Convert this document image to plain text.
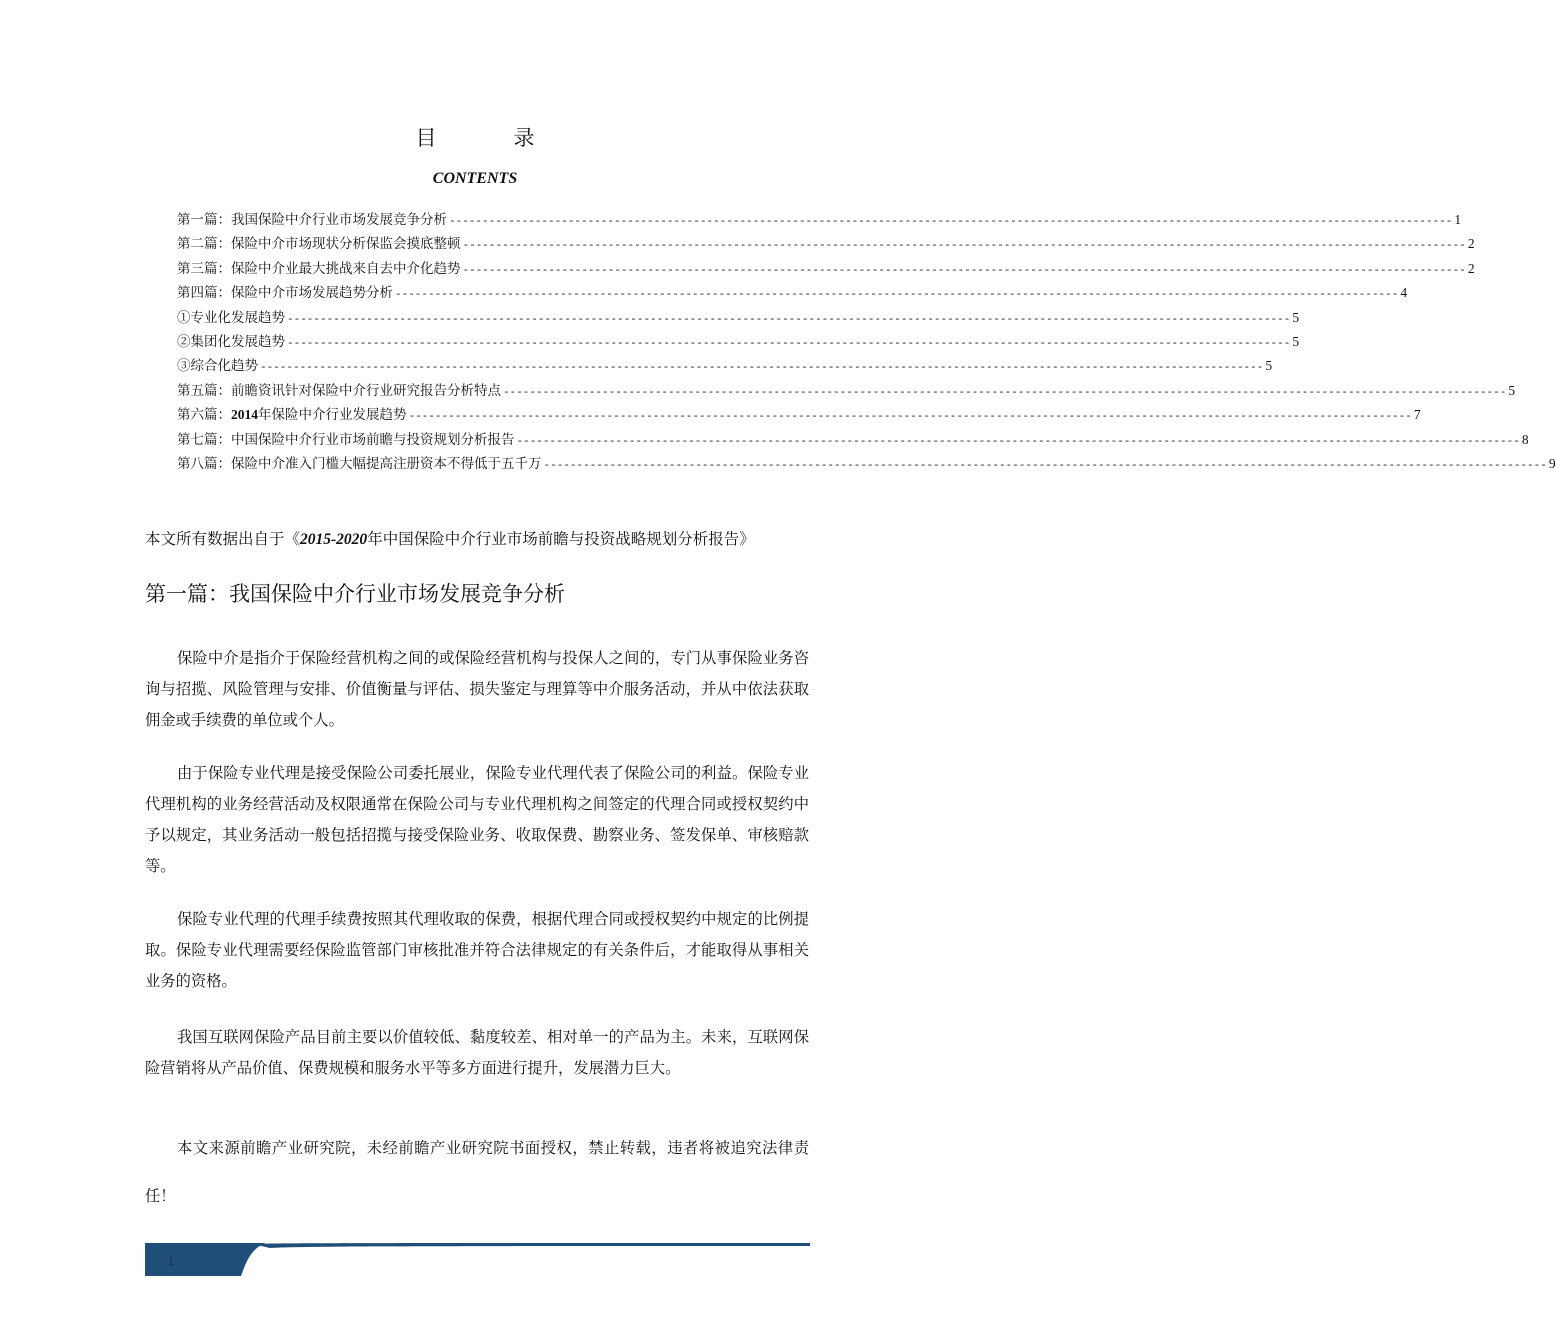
目　录
CONTENTS
第一篇：我国保险中介行业市场发展竞争分析 -------------------------------------------------------------------------------------------------------------------------------------------------------- 1
第二篇：保险中介市场现状分析保监会摸底整顿 -------------------------------------------------------------------------------------------------------------------------------------------------------- 2
第三篇：保险中介业最大挑战来自去中介化趋势 -------------------------------------------------------------------------------------------------------------------------------------------------------- 2
第四篇：保险中介市场发展趋势分析 -------------------------------------------------------------------------------------------------------------------------------------------------------- 4
①专业化发展趋势 -------------------------------------------------------------------------------------------------------------------------------------------------------- 5
②集团化发展趋势 -------------------------------------------------------------------------------------------------------------------------------------------------------- 5
③综合化趋势 -------------------------------------------------------------------------------------------------------------------------------------------------------- 5
第五篇：前瞻资讯针对保险中介行业研究报告分析特点 -------------------------------------------------------------------------------------------------------------------------------------------------------- 5
第六篇：2014年保险中介行业发展趋势 -------------------------------------------------------------------------------------------------------------------------------------------------------- 7
第七篇：中国保险中介行业市场前瞻与投资规划分析报告 -------------------------------------------------------------------------------------------------------------------------------------------------------- 8
第八篇：保险中介准入门槛大幅提高注册资本不得低于五千万 -------------------------------------------------------------------------------------------------------------------------------------------------------- 9
本文所有数据出自于《2015-2020年中国保险中介行业市场前瞻与投资战略规划分析报告》
第一篇：我国保险中介行业市场发展竞争分析

保险中介是指介于保险经营机构之间的或保险经营机构与投保人之间的，专门从事保险业务咨询与招揽、风险管理与安排、价值衡量与评估、损失鉴定与理算等中介服务活动，并从中依法获取佣金或手续费的单位或个人。

由于保险专业代理是接受保险公司委托展业，保险专业代理代表了保险公司的利益。保险专业代理机构的业务经营活动及权限通常在保险公司与专业代理机构之间签定的代理合同或授权契约中予以规定，其业务活动一般包括招揽与接受保险业务、收取保费、勘察业务、签发保单、审核赔款等。

保险专业代理的代理手续费按照其代理收取的保费，根据代理合同或授权契约中规定的比例提取。保险专业代理需要经保险监管部门审核批准并符合法律规定的有关条件后，才能取得从事相关业务的资格。

我国互联网保险产品目前主要以价值较低、黏度较差、相对单一的产品为主。未来，互联网保险营销将从产品价值、保费规模和服务水平等多方面进行提升，发展潜力巨大。

本文来源前瞻产业研究院，未经前瞻产业研究院书面授权，禁止转载，违者将被追究法律责任！

1
